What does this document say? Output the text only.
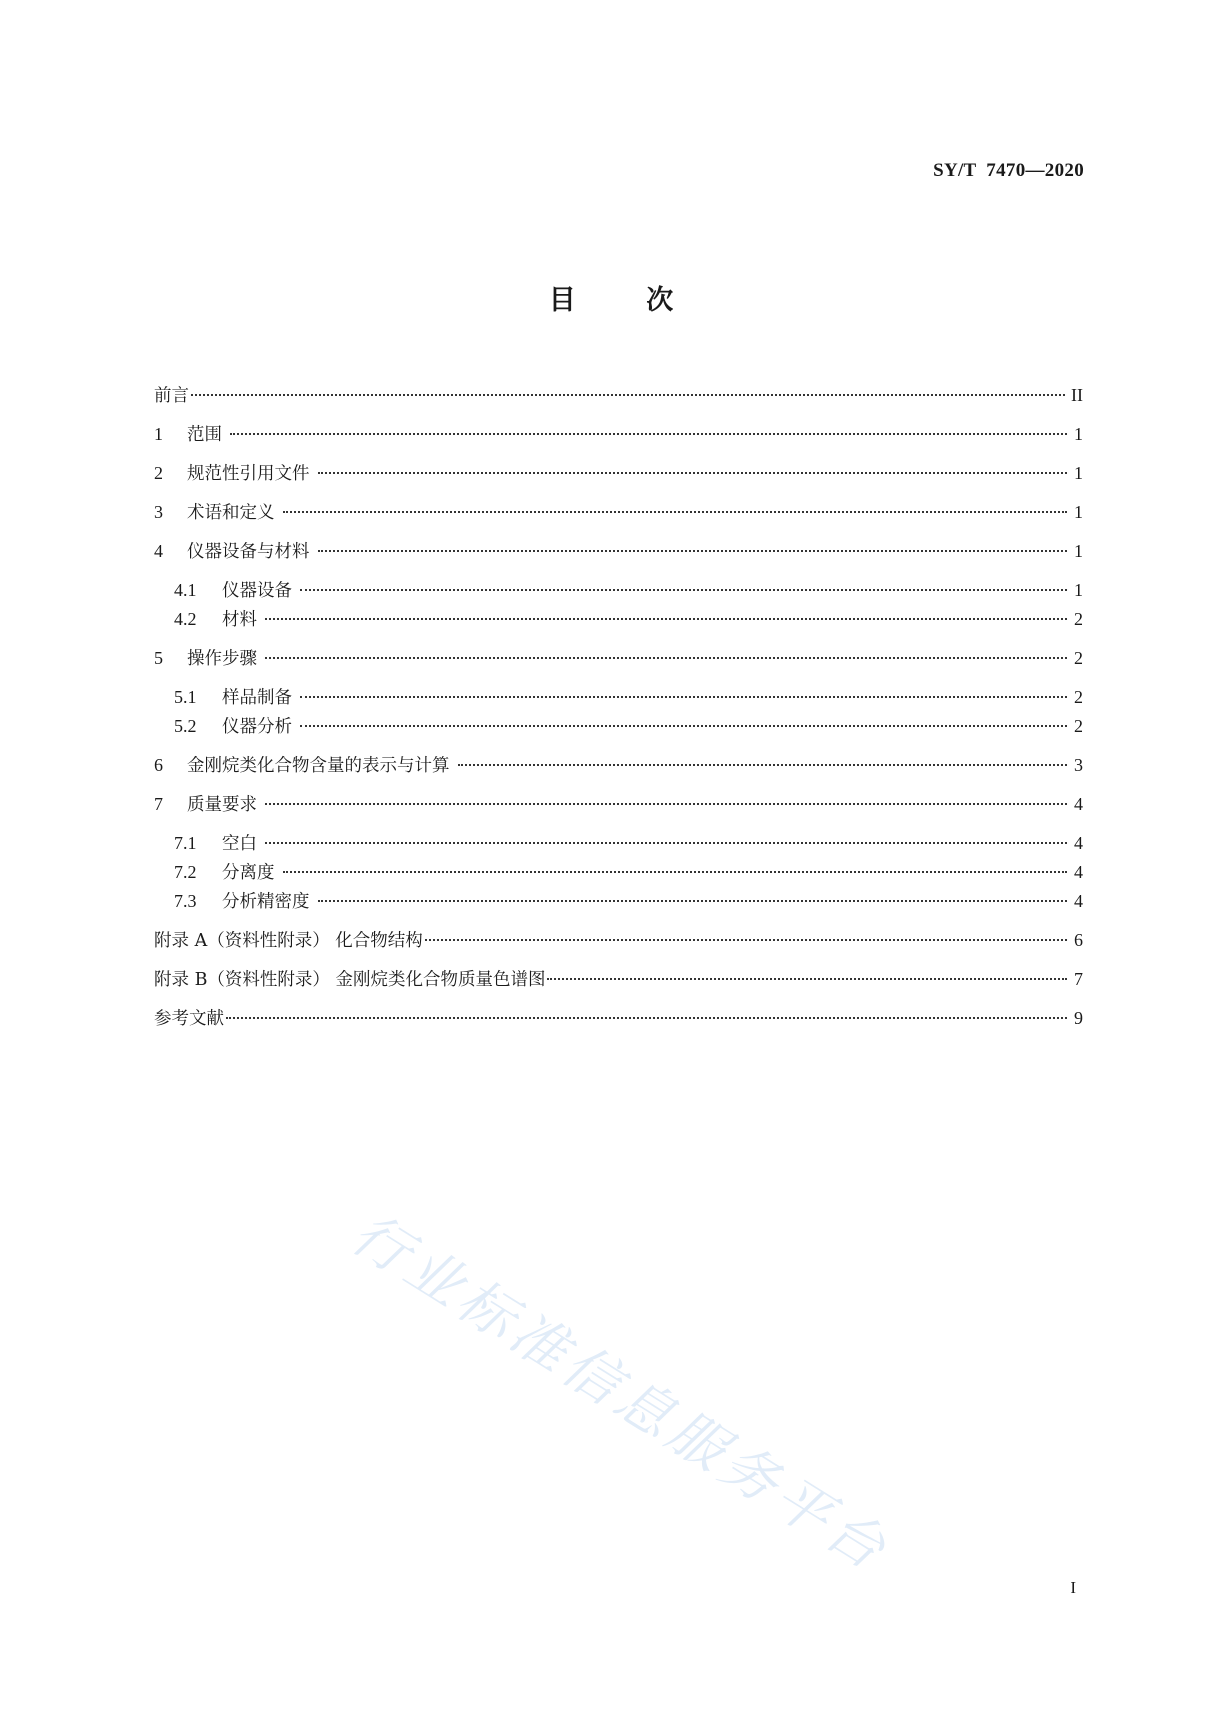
SY/T  7470—2020
目      次
前言	II
1	范围	1
2	规范性引用文件	1
3	术语和定义	1
4	仪器设备与材料	1
4.1	仪器设备	1
4.2	材料	2
5	操作步骤	2
5.1	样品制备	2
5.2	仪器分析	2
6	金刚烷类化合物含量的表示与计算	3
7	质量要求	4
7.1	空白	4
7.2	分离度	4
7.3	分析精密度	4
附录 A（资料性附录） 化合物结构	6
附录 B（资料性附录） 金刚烷类化合物质量色谱图	7
参考文献	9
行业标准信息服务平台
I
